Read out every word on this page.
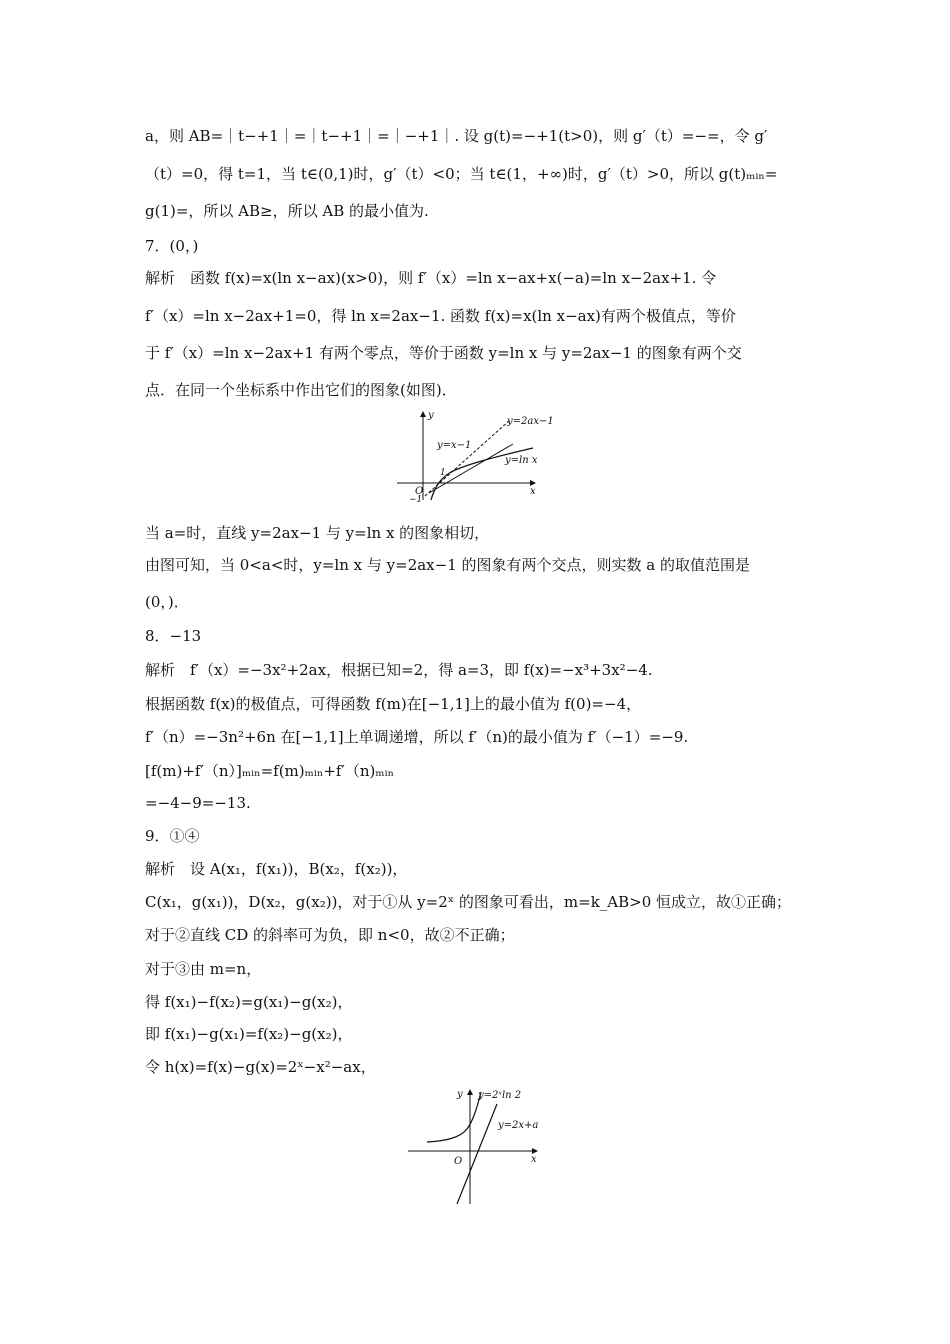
a，则 AB=｜t−+1｜=｜t−+1｜=｜−+1｜. 设 g(t)=−+1(t>0)，则 g′（t）=−=，令 g′
（t）=0，得 t=1，当 t∈(0,1)时，g′（t）<0；当 t∈(1，+∞)时，g′（t）>0，所以 g(t)ₘᵢₙ=
g(1)=，所以 AB≥，所以 AB 的最小值为.
7．(0，)
解析　函数 f(x)=x(ln x−ax)(x>0)，则 f′（x）=ln x−ax+x(−a)=ln x−2ax+1. 令
f′（x）=ln x−2ax+1=0，得 ln x=2ax−1. 函数 f(x)=x(ln x−ax)有两个极值点，等价
于 f′（x）=ln x−2ax+1 有两个零点，等价于函数 y=ln x 与 y=2ax−1 的图象有两个交
点．在同一个坐标系中作出它们的图象(如图)．
y=2ax−1
y=x−1
y=ln x
x
y
O
1
−1
当 a=时，直线 y=2ax−1 与 y=ln x 的图象相切，
由图可知，当 0<a<时，y=ln x 与 y=2ax−1 的图象有两个交点，则实数 a 的取值范围是
(0，)．
8．−13
解析　f′（x）=−3x²+2ax，根据已知=2，得 a=3，即 f(x)=−x³+3x²−4.
根据函数 f(x)的极值点，可得函数 f(m)在[−1,1]上的最小值为 f(0)=−4，
f′（n）=−3n²+6n 在[−1,1]上单调递增，所以 f′（n)的最小值为 f′（−1）=−9.
[f(m)+f′（n）]ₘᵢₙ=f(m)ₘᵢₙ+f′（n)ₘᵢₙ
=−4−9=−13.
9．①④
解析　设 A(x₁，f(x₁))，B(x₂，f(x₂))，
C(x₁，g(x₁))，D(x₂，g(x₂))，对于①从 y=2ˣ 的图象可看出，m=k_AB>0 恒成立，故①正确；
对于②直线 CD 的斜率可为负，即 n<0，故②不正确；
对于③由 m=n，
得 f(x₁)−f(x₂)=g(x₁)−g(x₂)，
即 f(x₁)−g(x₁)=f(x₂)−g(x₂)，
令 h(x)=f(x)−g(x)=2ˣ−x²−ax，
y=2ˣln 2
y=2x+a
x
y
O
